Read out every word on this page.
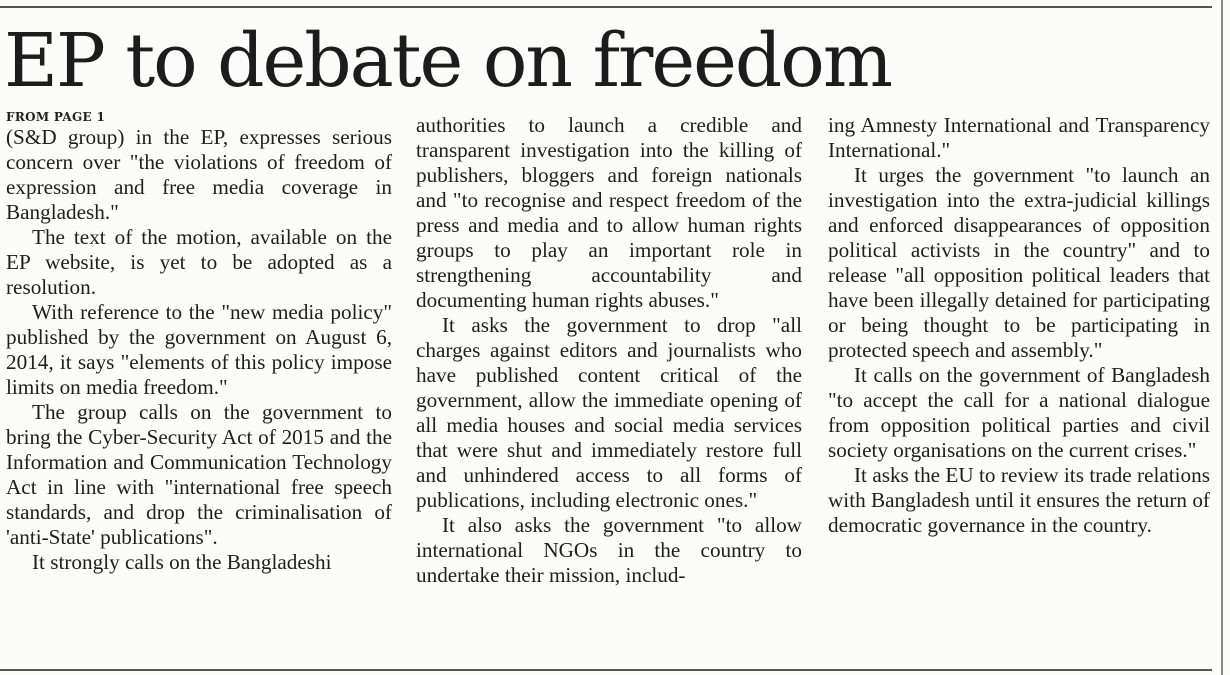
EP to debate on freedom
FROM PAGE 1

(S&D group) in the EP, expresses serious concern over "the violations of freedom of expression and free media coverage in Bangladesh."

The text of the motion, available on the EP website, is yet to be adopted as a resolution.

With reference to the "new media policy" published by the government on August 6, 2014, it says "elements of this policy impose limits on media freedom."

The group calls on the government to bring the Cyber-Security Act of 2015 and the Information and Communication Technology Act in line with "international free speech standards, and drop the criminalisation of 'anti-State' publications".

It strongly calls on the Bangladeshi

authorities to launch a credible and transparent investigation into the killing of publishers, bloggers and foreign nationals and "to recognise and respect freedom of the press and media and to allow human rights groups to play an important role in strengthening accountability and documenting human rights abuses."

It asks the government to drop "all charges against editors and journalists who have published content critical of the government, allow the immediate opening of all media houses and social media services that were shut and immediately restore full and unhindered access to all forms of publications, including electronic ones."

It also asks the government "to allow international NGOs in the country to undertake their mission, includ-

ing Amnesty International and Transparency International."

It urges the government "to launch an investigation into the extra-judicial killings and enforced disappearances of opposition political activists in the country" and to release "all opposition political leaders that have been illegally detained for participating or being thought to be participating in protected speech and assembly."

It calls on the government of Bangladesh "to accept the call for a national dialogue from opposition political parties and civil society organisations on the current crises."

It asks the EU to review its trade relations with Bangladesh until it ensures the return of democratic governance in the country.
